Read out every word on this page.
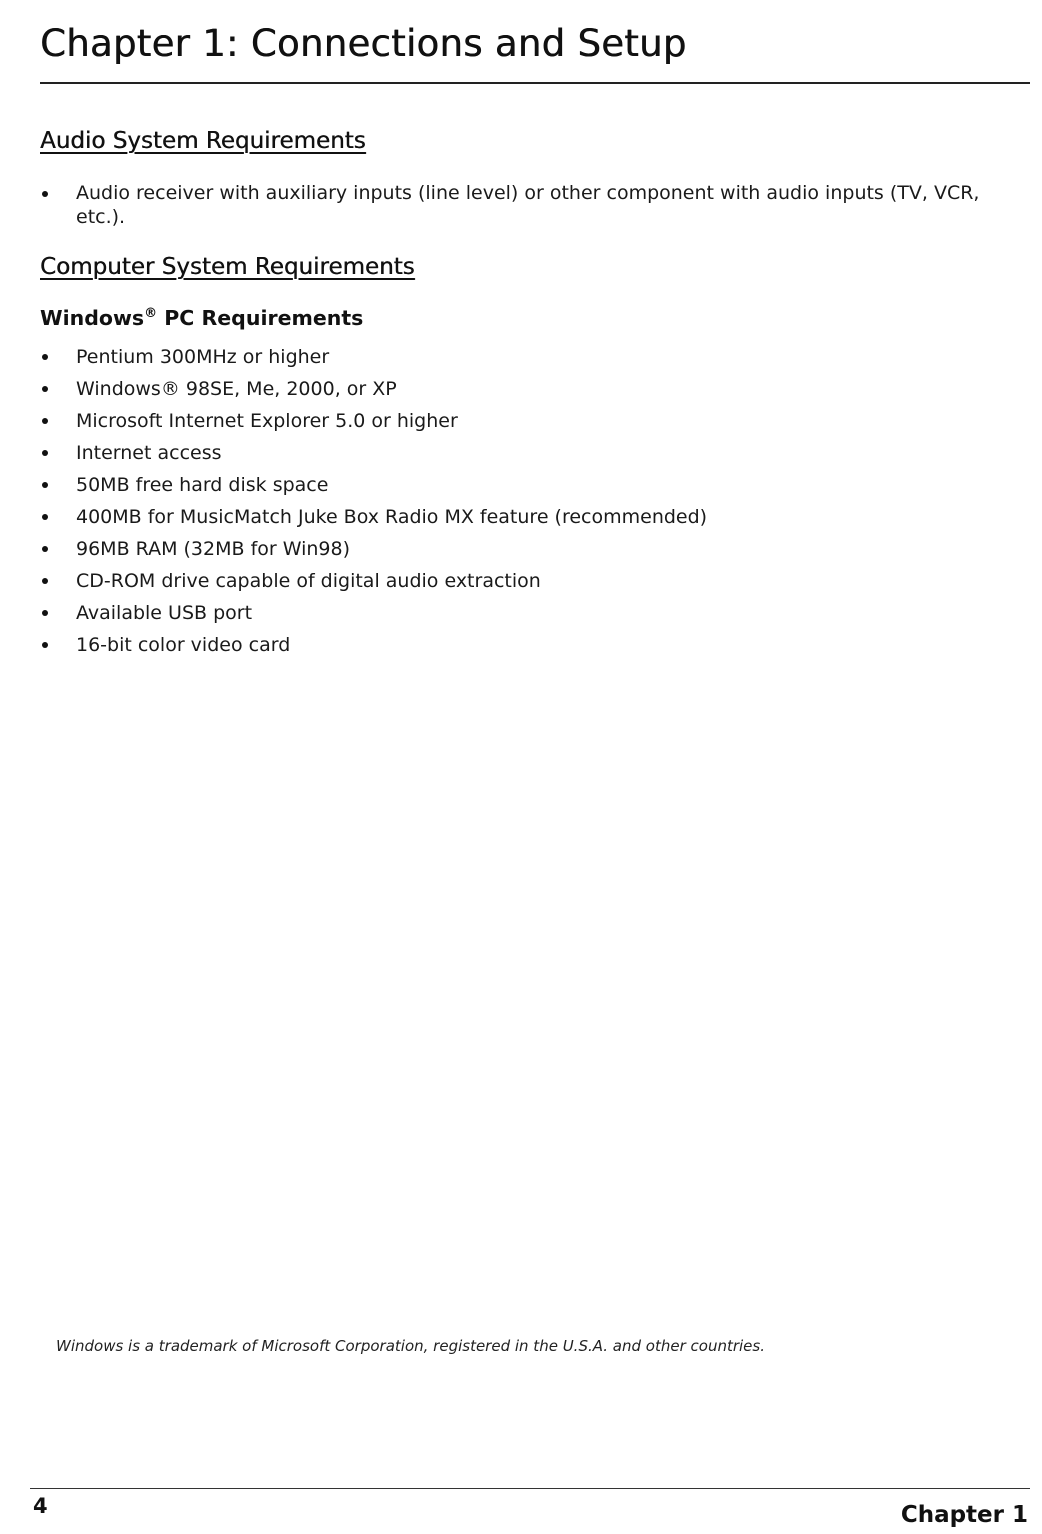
Chapter 1: Connections and Setup
Audio System Requirements
Audio receiver with auxiliary inputs (line level) or other component with audio inputs (TV, VCR, etc.).
Computer System Requirements
Windows® PC Requirements
Pentium 300MHz or higher
Windows® 98SE, Me, 2000, or XP
Microsoft Internet Explorer 5.0 or higher
Internet access
50MB free hard disk space
400MB for MusicMatch Juke Box Radio MX feature (recommended)
96MB RAM (32MB for Win98)
CD-ROM drive capable of digital audio extraction
Available USB port
16-bit color video card

Windows is a trademark of Microsoft Corporation, registered in the U.S.A. and other countries.

4	Chapter 1
